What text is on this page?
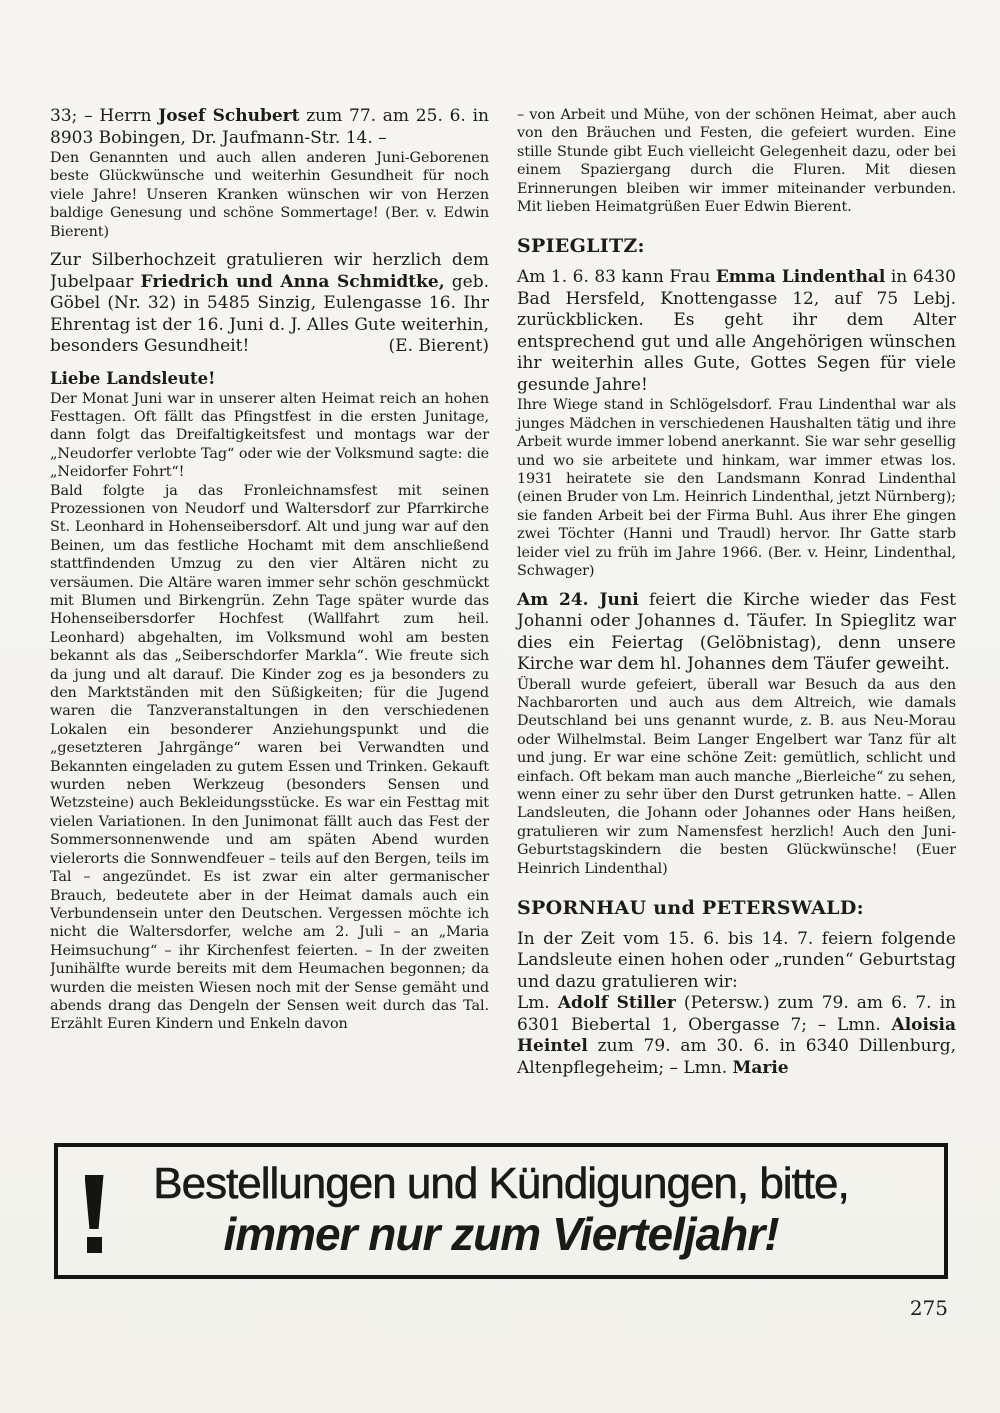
33; – Herrn Josef Schubert zum 77. am 25. 6. in 8903 Bobingen, Dr. Jaufmann-Str. 14. –

Den Genannten und auch allen anderen Juni-Geborenen beste Glückwünsche und weiterhin Gesundheit für noch viele Jahre! Unseren Kranken wünschen wir von Herzen baldige Genesung und schöne Sommertage! (Ber. v. Edwin Bierent)

Zur Silberhochzeit gratulieren wir herzlich dem Jubelpaar Friedrich und Anna Schmidtke, geb. Göbel (Nr. 32) in 5485 Sinzig, Eulengasse 16. Ihr Ehrentag ist der 16. Juni d. J. Alles Gute weiterhin, besonders Gesundheit!	(E. Bierent)

Liebe Landsleute!

Der Monat Juni war in unserer alten Heimat reich an hohen Festtagen. Oft fällt das Pfingstfest in die ersten Junitage, dann folgt das Dreifaltigkeitsfest und montags war der „Neudorfer verlobte Tag“ oder wie der Volksmund sagte: die „Neidorfer Fohrt“!

Bald folgte ja das Fronleichnamsfest mit seinen Prozessionen von Neudorf und Waltersdorf zur Pfarrkirche St. Leonhard in Hohenseibersdorf. Alt und jung war auf den Beinen, um das festliche Hochamt mit dem anschließend stattfindenden Umzug zu den vier Altären nicht zu versäumen. Die Altäre waren immer sehr schön geschmückt mit Blumen und Birkengrün. Zehn Tage später wurde das Hohenseibersdorfer Hochfest (Wallfahrt zum heil. Leonhard) abgehalten, im Volksmund wohl am besten bekannt als das „Seiberschdorfer Markla“. Wie freute sich da jung und alt darauf. Die Kinder zog es ja besonders zu den Marktständen mit den Süßigkeiten; für die Jugend waren die Tanzveranstaltungen in den verschiedenen Lokalen ein besonderer Anziehungspunkt und die „gesetzteren Jahrgänge“ waren bei Verwandten und Bekannten eingeladen zu gutem Essen und Trinken. Gekauft wurden neben Werkzeug (besonders Sensen und Wetzsteine) auch Bekleidungsstücke. Es war ein Festtag mit vielen Variationen. In den Junimonat fällt auch das Fest der Sommersonnenwende und am späten Abend wurden vielerorts die Sonnwendfeuer – teils auf den Bergen, teils im Tal – angezündet. Es ist zwar ein alter germanischer Brauch, bedeutete aber in der Heimat damals auch ein Verbundensein unter den Deutschen. Vergessen möchte ich nicht die Waltersdorfer, welche am 2. Juli – an „Maria Heimsuchung“ – ihr Kirchenfest feierten. – In der zweiten Junihälfte wurde bereits mit dem Heumachen begonnen; da wurden die meisten Wiesen noch mit der Sense gemäht und abends drang das Dengeln der Sensen weit durch das Tal. Erzählt Euren Kindern und Enkeln davon

– von Arbeit und Mühe, von der schönen Heimat, aber auch von den Bräuchen und Festen, die gefeiert wurden. Eine stille Stunde gibt Euch vielleicht Gelegenheit dazu, oder bei einem Spaziergang durch die Fluren. Mit diesen Erinnerungen bleiben wir immer miteinander verbunden. Mit lieben Heimatgrüßen Euer Edwin Bierent.

SPIEGLITZ:

Am 1. 6. 83 kann Frau Emma Lindenthal in 6430 Bad Hersfeld, Knottengasse 12, auf 75 Lebj. zurückblicken. Es geht ihr dem Alter entsprechend gut und alle Angehörigen wünschen ihr weiterhin alles Gute, Gottes Segen für viele gesunde Jahre!

Ihre Wiege stand in Schlögelsdorf. Frau Lindenthal war als junges Mädchen in verschiedenen Haushalten tätig und ihre Arbeit wurde immer lobend anerkannt. Sie war sehr gesellig und wo sie arbeitete und hinkam, war immer etwas los. 1931 heiratete sie den Landsmann Konrad Lindenthal (einen Bruder von Lm. Heinrich Lindenthal, jetzt Nürnberg); sie fanden Arbeit bei der Firma Buhl. Aus ihrer Ehe gingen zwei Töchter (Hanni und Traudl) hervor. Ihr Gatte starb leider viel zu früh im Jahre 1966. (Ber. v. Heinr, Lindenthal, Schwager)

Am 24. Juni feiert die Kirche wieder das Fest Johanni oder Johannes d. Täufer. In Spieglitz war dies ein Feiertag (Gelöbnistag), denn unsere Kirche war dem hl. Johannes dem Täufer geweiht.

Überall wurde gefeiert, überall war Besuch da aus den Nachbarorten und auch aus dem Altreich, wie damals Deutschland bei uns genannt wurde, z. B. aus Neu-Morau oder Wilhelmstal. Beim Langer Engelbert war Tanz für alt und jung. Er war eine schöne Zeit: gemütlich, schlicht und einfach. Oft bekam man auch manche „Bierleiche“ zu sehen, wenn einer zu sehr über den Durst getrunken hatte. – Allen Landsleuten, die Johann oder Johannes oder Hans heißen, gratulieren wir zum Namensfest herzlich! Auch den Juni-Geburtstagskindern die besten Glückwünsche! (Euer Heinrich Lindenthal)

SPORNHAU und PETERSWALD:

In der Zeit vom 15. 6. bis 14. 7. feiern folgende Landsleute einen hohen oder „runden“ Geburtstag und dazu gratulieren wir:
Lm. Adolf Stiller (Petersw.) zum 79. am 6. 7. in 6301 Biebertal 1, Obergasse 7; – Lmn. Aloisia Heintel zum 79. am 30. 6. in 6340 Dillenburg, Altenpflegeheim; – Lmn. Marie

Bestellungen und Kündigungen, bitte,
immer nur zum Vierteljahr!
275
